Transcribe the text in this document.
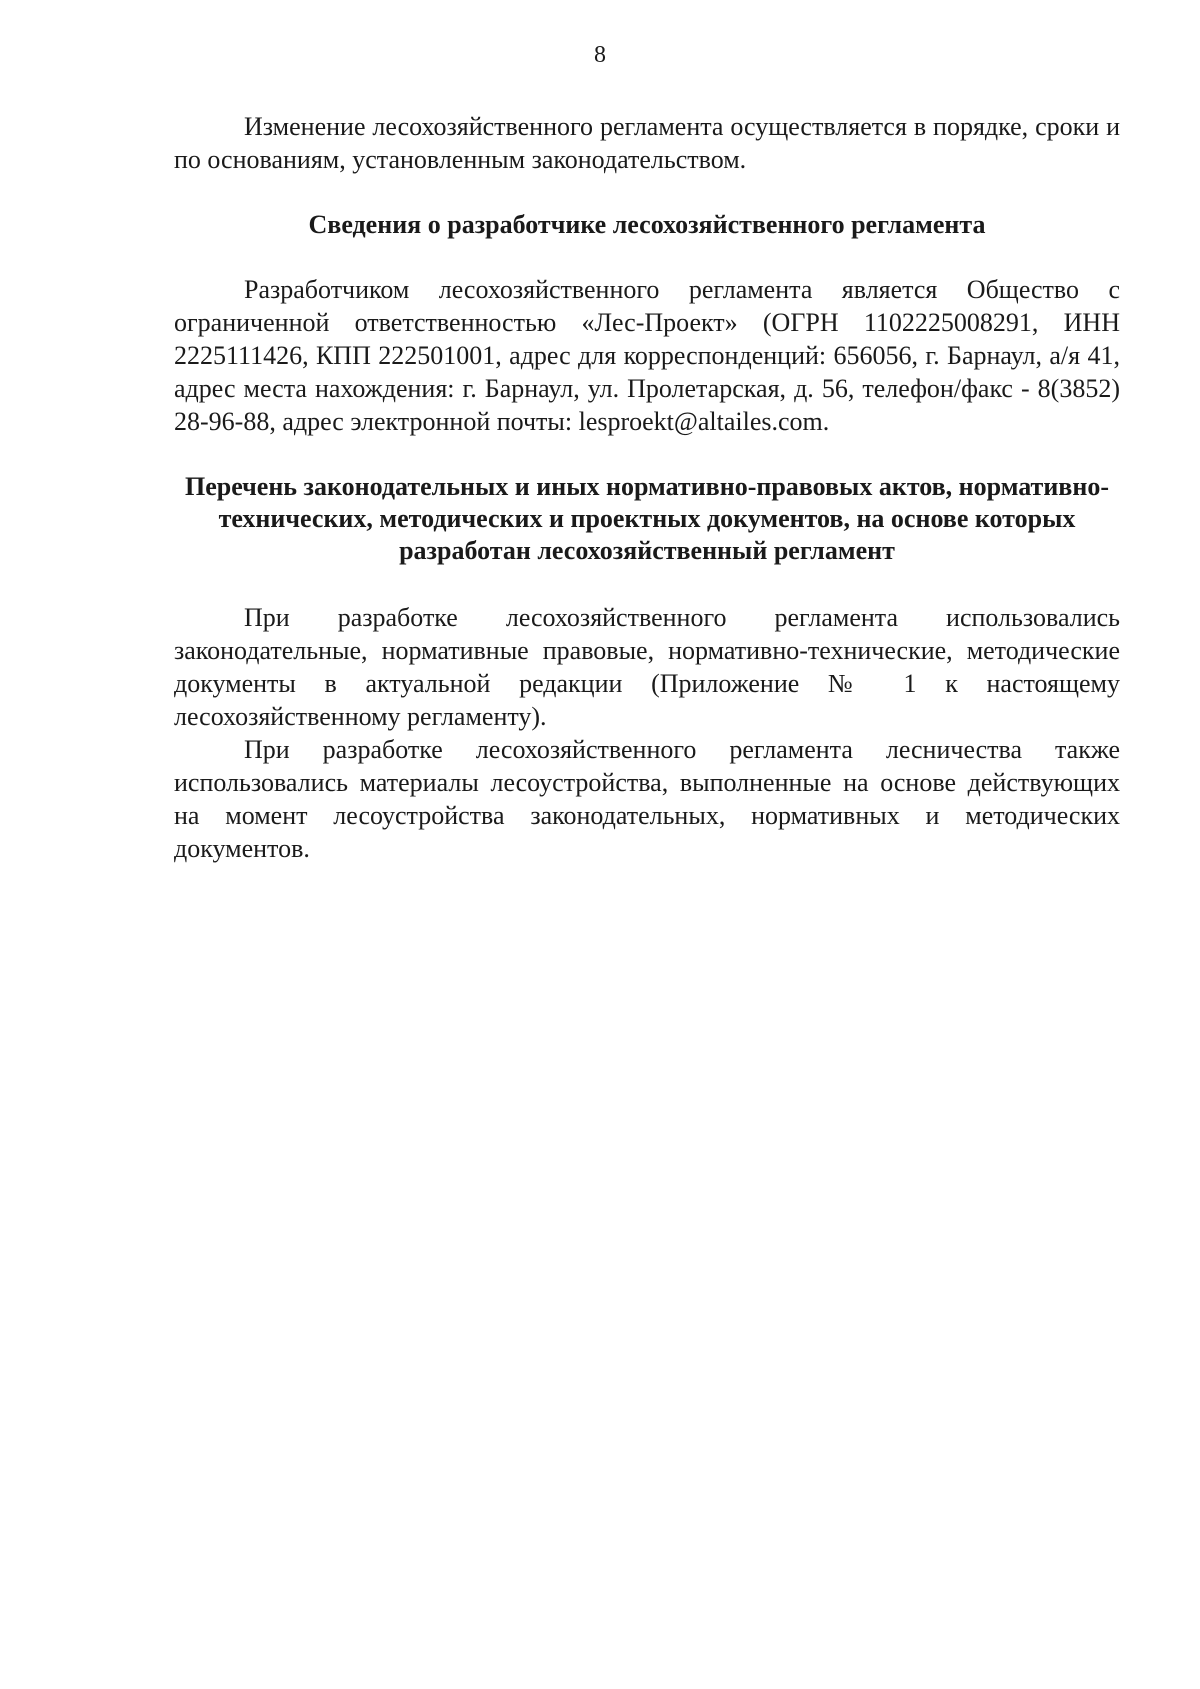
8

Изменение лесохозяйственного регламента осуществляется в порядке, сроки и по основаниям, установленным законодательством.

Сведения о разработчике лесохозяйственного регламента

Разработчиком лесохозяйственного регламента является Общество с ограниченной ответственностью «Лес-Проект» (ОГРН 1102225008291, ИНН 2225111426, КПП 222501001, адрес для корреспонденций: 656056, г. Барнаул, а/я 41, адрес места нахождения: г. Барнаул, ул. Пролетарская, д. 56, телефон/факс - 8(3852) 28-96-88, адрес электронной почты: lesproekt@altailes.com.

Перечень законодательных и иных нормативно-правовых актов, нормативно-технических, методических и проектных документов, на основе которых разработан лесохозяйственный регламент

При разработке лесохозяйственного регламента использовались законодательные, нормативные правовые, нормативно-технические, методические документы в актуальной редакции (Приложение № 1 к настоящему лесохозяйственному регламенту).

При разработке лесохозяйственного регламента лесничества также использовались материалы лесоустройства, выполненные на основе действующих на момент лесоустройства законодательных, нормативных и методических документов.
